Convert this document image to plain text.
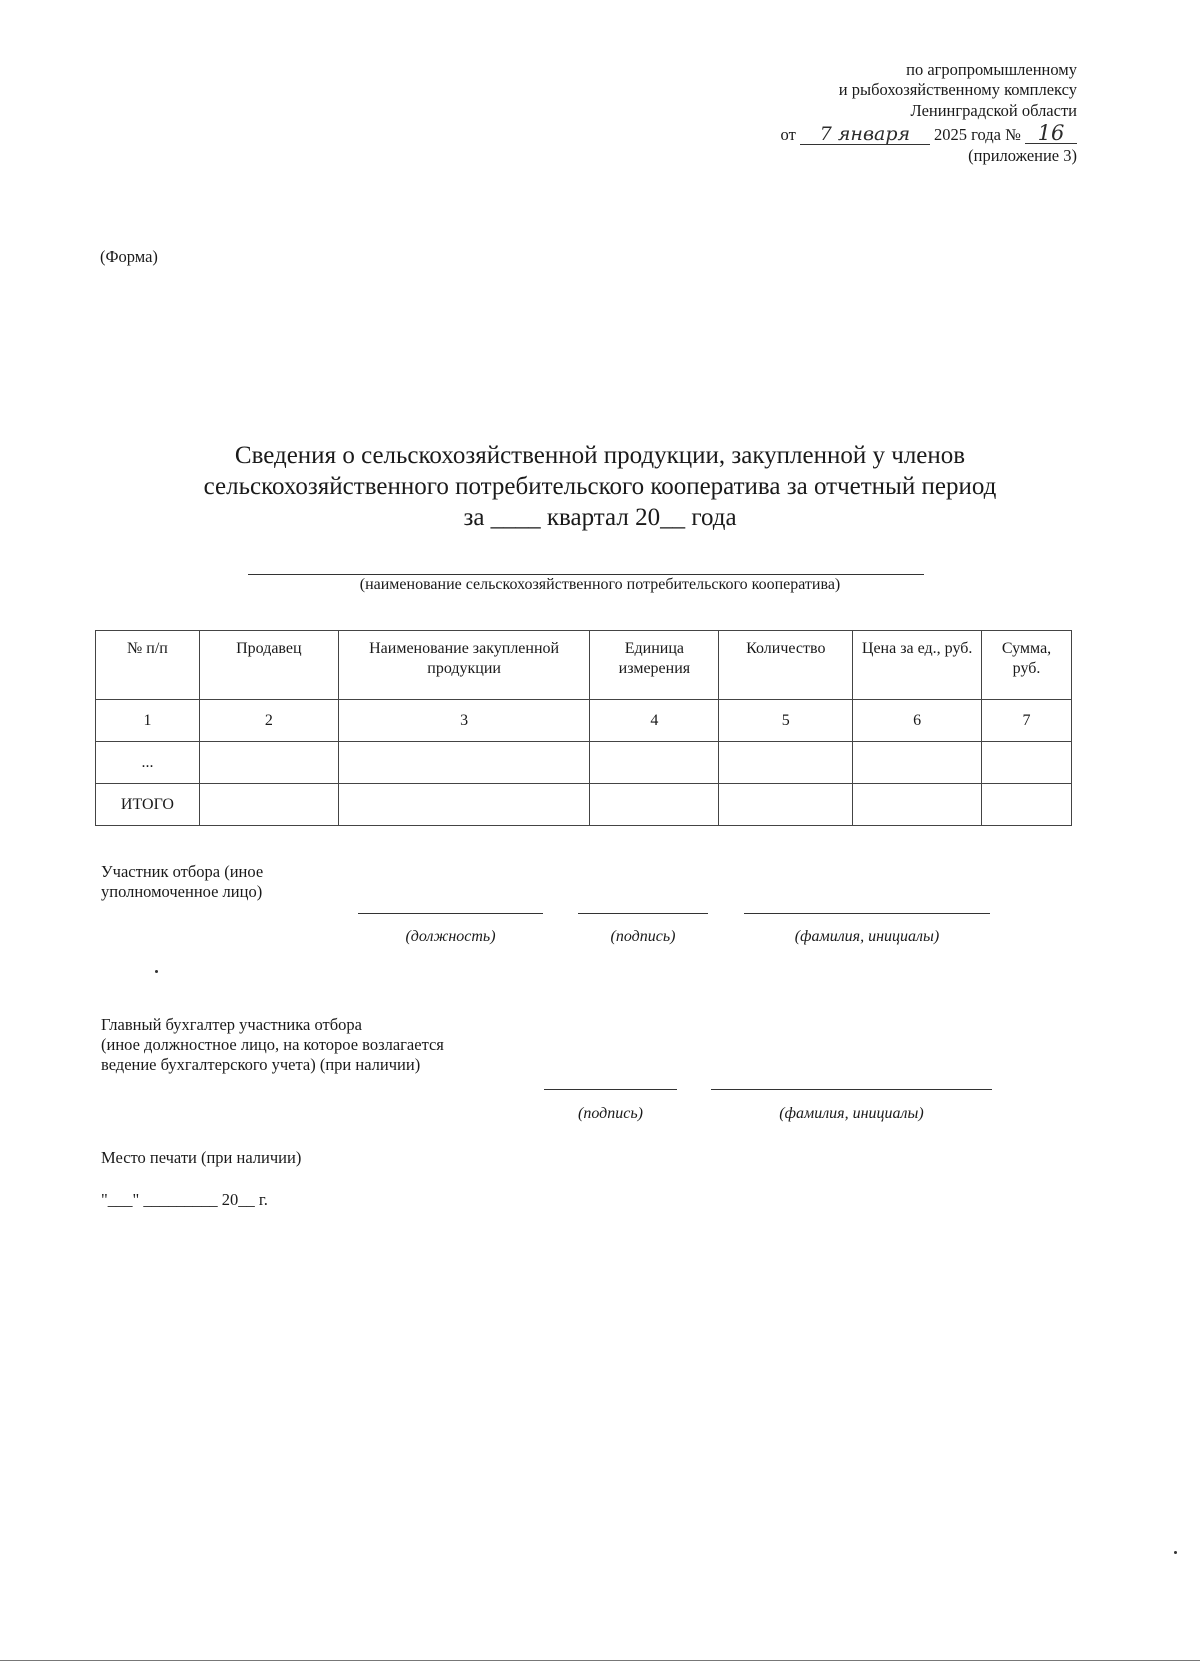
по агропромышленному
и рыбохозяйственному комплексу
Ленинградской области
от 7 января 2025 года № 16
(приложение 3)
(Форма)
Сведения о сельскохозяйственной продукции, закупленной у членов
сельскохозяйственного потребительского кооператива за отчетный период
за ____ квартал 20__ года
(наименование сельскохозяйственного потребительского кооператива)
№ п/п	Продавец	Наименование закупленной продукции	Единица измерения	Количество	Цена за ед., руб.	Сумма, руб.
1	2	3	4	5	6	7
...						
ИТОГО						
Участник отбора (иное
уполномоченное лицо)
(должность)	(подпись)	(фамилия, инициалы)
Главный бухгалтер участника отбора
(иное должностное лицо, на которое возлагается
ведение бухгалтерского учета) (при наличии)
(подпись)	(фамилия, инициалы)
Место печати (при наличии)
"___" _________ 20__ г.
